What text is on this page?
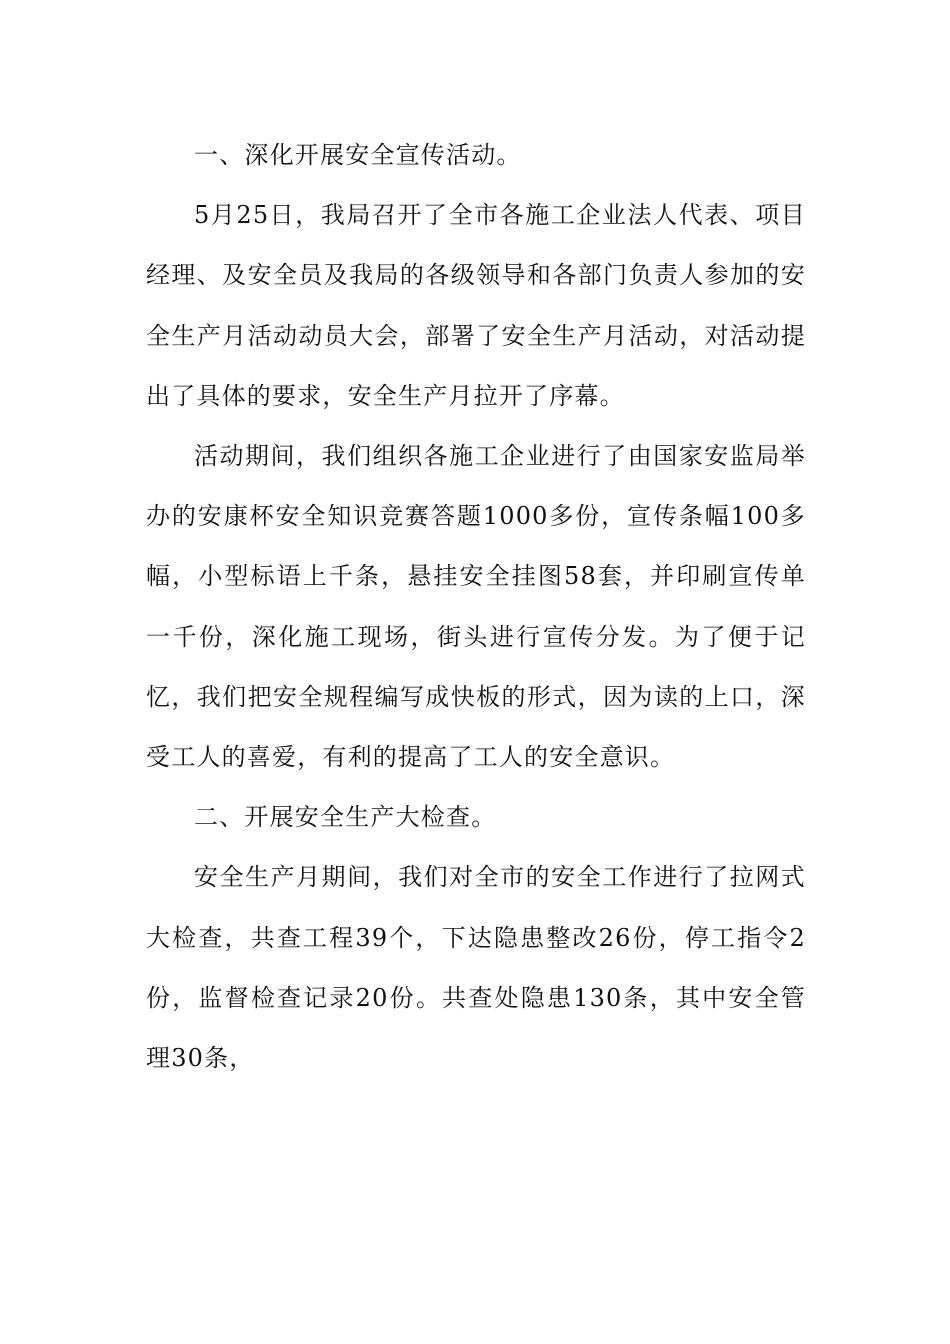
一、深化开展安全宣传活动。

5月25日，我局召开了全市各施工企业法人代表、项目经理、及安全员及我局的各级领导和各部门负责人参加的安全生产月活动动员大会，部署了安全生产月活动，对活动提出了具体的要求，安全生产月拉开了序幕。

活动期间，我们组织各施工企业进行了由国家安监局举办的安康杯安全知识竞赛答题1000多份，宣传条幅100多幅，小型标语上千条，悬挂安全挂图58套，并印刷宣传单一千份，深化施工现场，街头进行宣传分发。为了便于记忆，我们把安全规程编写成快板的形式，因为读的上口，深受工人的喜爱，有利的提高了工人的安全意识。

二、开展安全生产大检查。

安全生产月期间，我们对全市的安全工作进行了拉网式大检查，共查工程39个，下达隐患整改26份，停工指令2份，监督检查记录20份。共查处隐患130条，其中安全管理30条，
